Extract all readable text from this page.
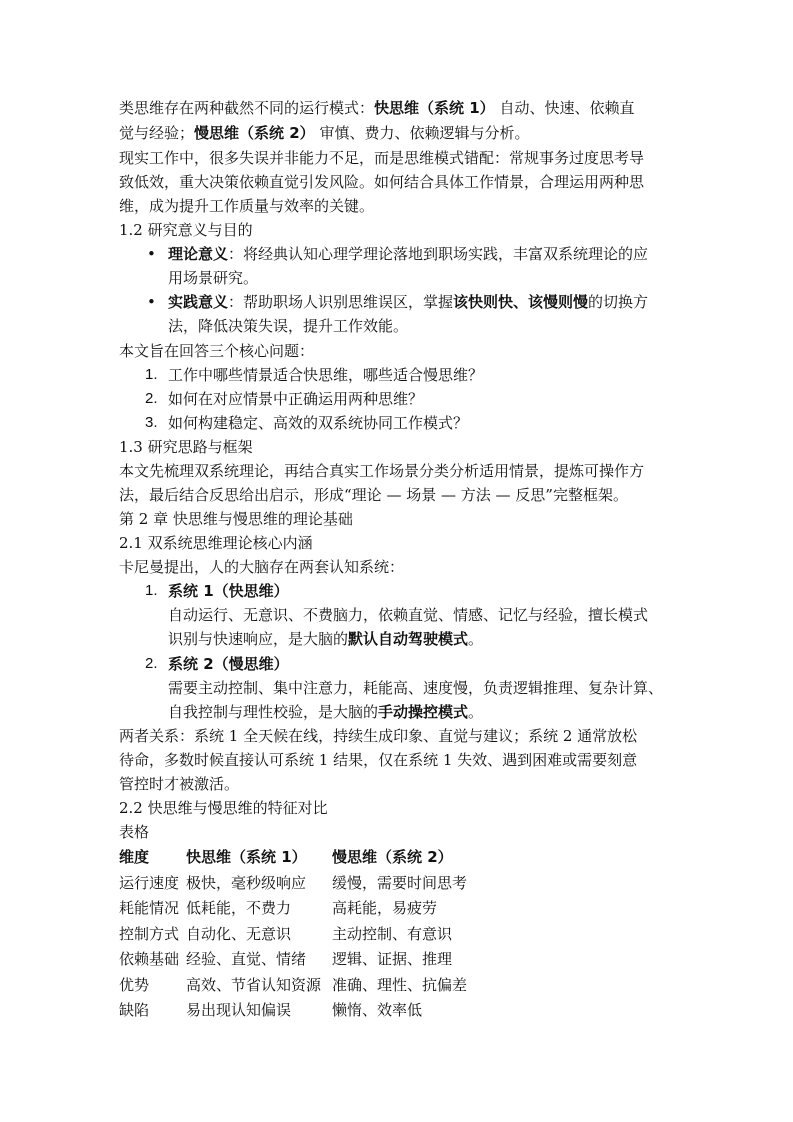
类思维存在两种截然不同的运行模式：快思维（系统 1） 自动、快速、依赖直
觉与经验；慢思维（系统 2） 审慎、费力、依赖逻辑与分析。
现实工作中，很多失误并非能力不足，而是思维模式错配：常规事务过度思考导
致低效，重大决策依赖直觉引发风险。如何结合具体工作情景，合理运用两种思
维，成为提升工作质量与效率的关键。
1.2 研究意义与目的
• 理论意义：将经典认知心理学理论落地到职场实践，丰富双系统理论的应
用场景研究。
• 实践意义：帮助职场人识别思维误区，掌握该快则快、该慢则慢的切换方
法，降低决策失误，提升工作效能。
本文旨在回答三个核心问题：
1. 工作中哪些情景适合快思维，哪些适合慢思维？
2. 如何在对应情景中正确运用两种思维？
3. 如何构建稳定、高效的双系统协同工作模式？
1.3 研究思路与框架
本文先梳理双系统理论，再结合真实工作场景分类分析适用情景，提炼可操作方
法，最后结合反思给出启示，形成“理论 — 场景 — 方法 — 反思”完整框架。
第 2 章 快思维与慢思维的理论基础
2.1 双系统思维理论核心内涵
卡尼曼提出，人的大脑存在两套认知系统：
1. 系统 1（快思维）
自动运行、无意识、不费脑力，依赖直觉、情感、记忆与经验，擅长模式
识别与快速响应，是大脑的默认自动驾驶模式。
2. 系统 2（慢思维）
需要主动控制、集中注意力，耗能高、速度慢，负责逻辑推理、复杂计算、
自我控制与理性校验，是大脑的手动操控模式。
两者关系：系统 1 全天候在线，持续生成印象、直觉与建议；系统 2 通常放松
待命，多数时候直接认可系统 1 结果，仅在系统 1 失效、遇到困难或需要刻意
管控时才被激活。
2.2 快思维与慢思维的特征对比
表格
维度 快思维（系统 1） 慢思维（系统 2）
运行速度 极快，毫秒级响应 缓慢，需要时间思考
耗能情况 低耗能，不费力	高耗能，易疲劳
控制方式 自动化、无意识	主动控制、有意识
依赖基础 经验、直觉、情绪 逻辑、证据、推理
优势 高效、节省认知资源 准确、理性、抗偏差
缺陷 易出现认知偏误	懒惰、效率低
